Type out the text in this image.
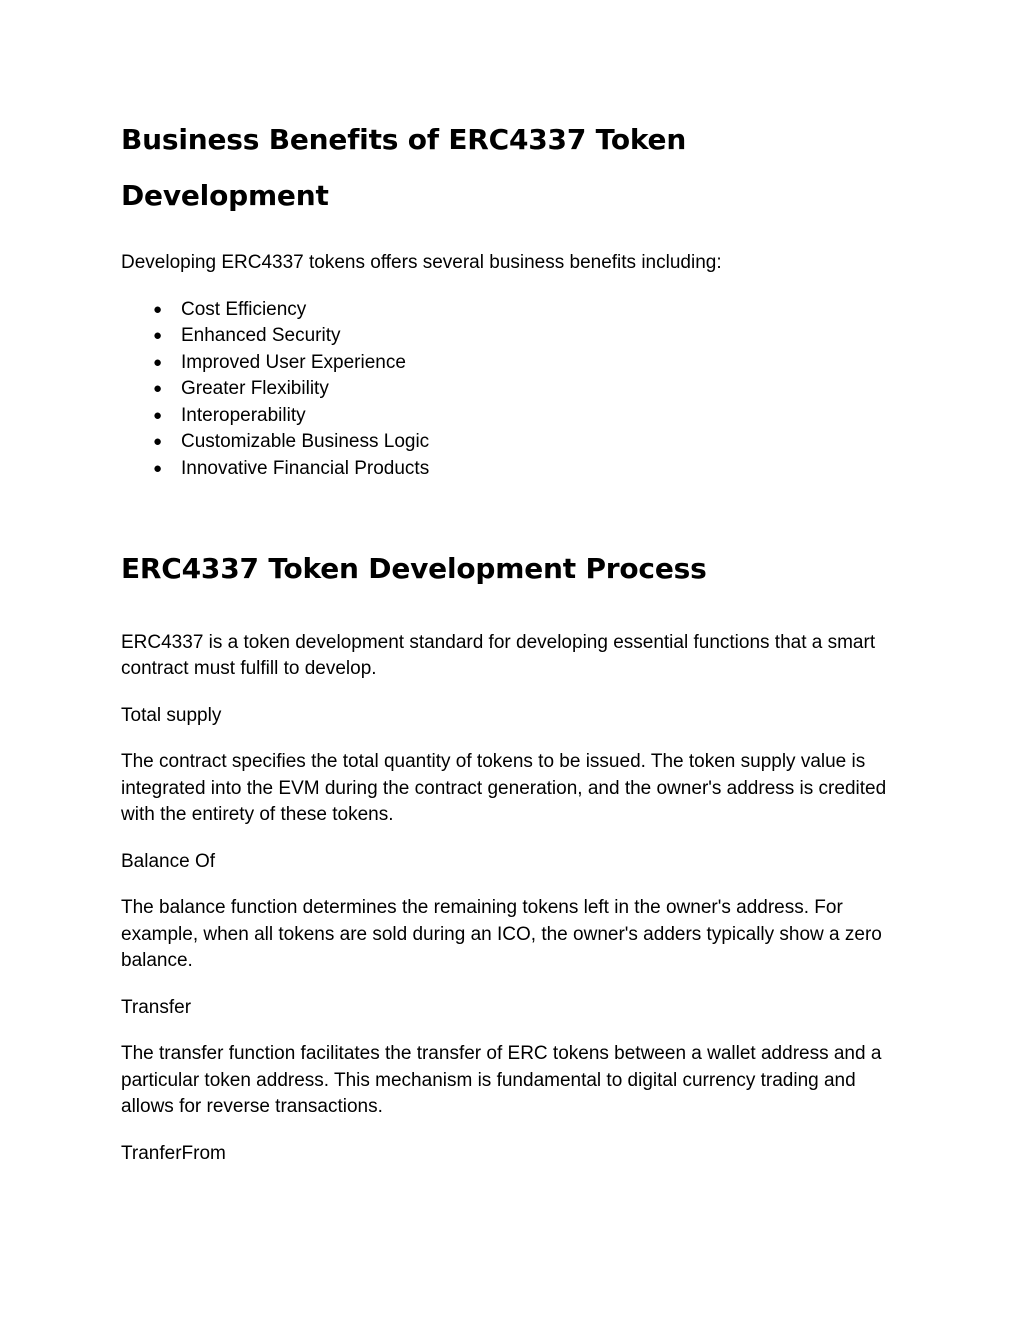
Business Benefits of ERC4337 Token Development

Developing ERC4337 tokens offers several business benefits including:

● Cost Efficiency
● Enhanced Security
● Improved User Experience
● Greater Flexibility
● Interoperability
● Customizable Business Logic
● Innovative Financial Products
ERC4337 Token Development Process

ERC4337 is a token development standard for developing essential functions that a smart contract must fulfill to develop.

Total supply

The contract specifies the total quantity of tokens to be issued. The token supply value is integrated into the EVM during the contract generation, and the owner's address is credited with the entirety of these tokens.

Balance Of

The balance function determines the remaining tokens left in the owner's address. For example, when all tokens are sold during an ICO, the owner's adders typically show a zero balance.

Transfer

The transfer function facilitates the transfer of ERC tokens between a wallet address and a particular token address. This mechanism is fundamental to digital currency trading and allows for reverse transactions.

TranferFrom
